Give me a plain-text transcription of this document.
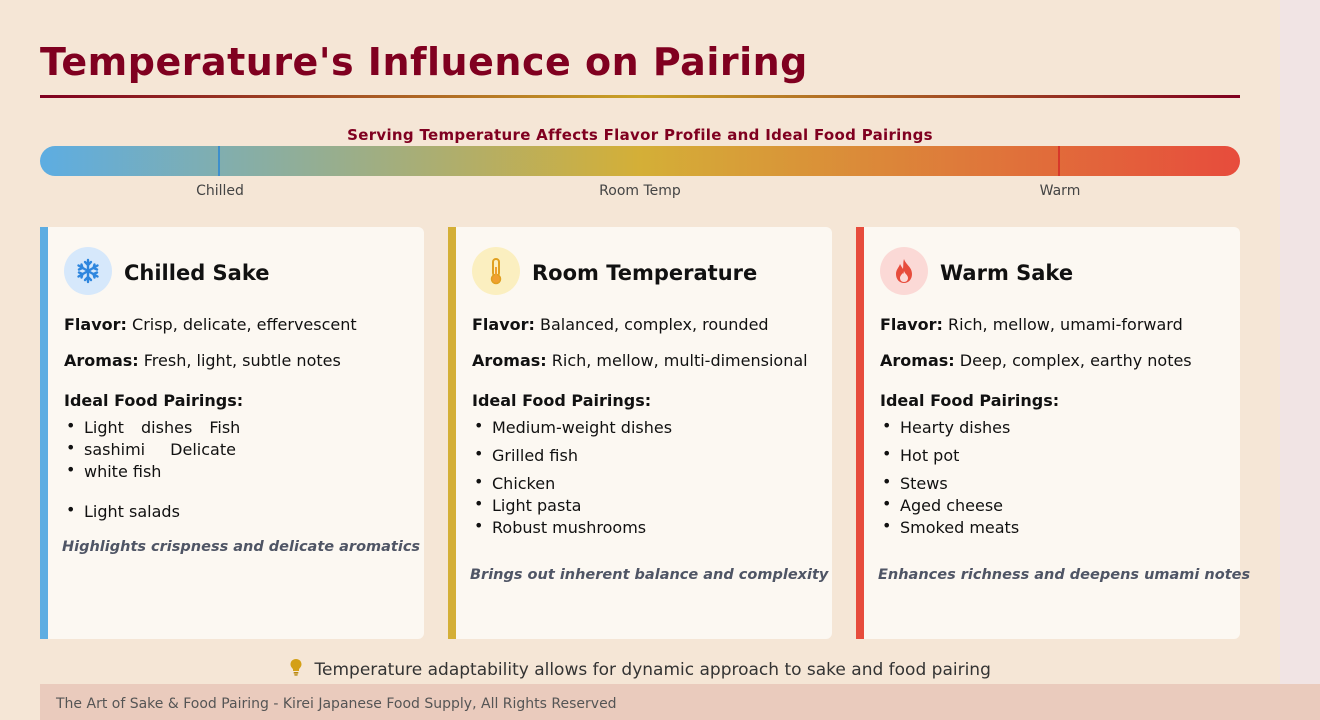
Temperature's Influence on Pairing
Serving Temperature Affects Flavor Profile and Ideal Food Pairings
Chilled	Room Temp	Warm
Chilled Sake
Flavor: Crisp, delicate, effervescent
Aromas: Fresh, light, subtle notes
Ideal Food Pairings:
• Light dishes Fish
• sashimi Delicate
• white fish
• Light salads
Highlights crispness and delicate aromatics
Room Temperature
Flavor: Balanced, complex, rounded
Aromas: Rich, mellow, multi-dimensional
Ideal Food Pairings:
• Medium-weight dishes
• Grilled fish
• Chicken
• Light pasta
• Robust mushrooms
Brings out inherent balance and complexity
Warm Sake
Flavor: Rich, mellow, umami-forward
Aromas: Deep, complex, earthy notes
Ideal Food Pairings:
• Hearty dishes
• Hot pot
• Stews
• Aged cheese
• Smoked meats
Enhances richness and deepens umami notes
Temperature adaptability allows for dynamic approach to sake and food pairing
The Art of Sake & Food Pairing - Kirei Japanese Food Supply, All Rights Reserved
